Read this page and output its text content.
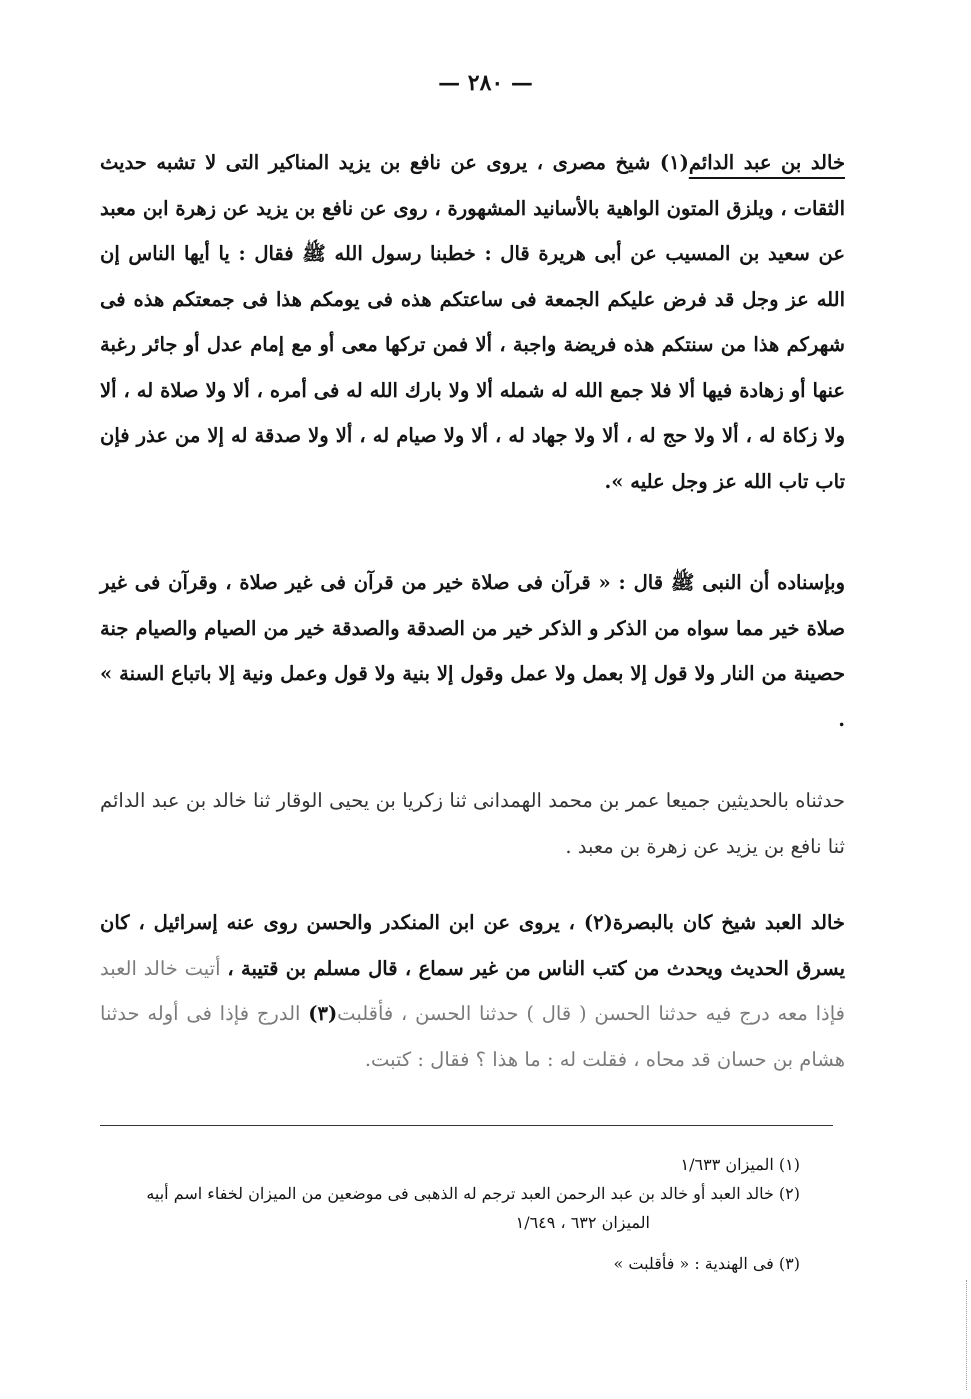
— ٢٨٠ —
خالد بن عبد الدائم(١) شيخ مصرى ، يروى عن نافع بن يزيد المناكير التى لا تشبه حديث الثقات ، ويلزق المتون الواهية بالأسانيد المشهورة ، روى عن نافع بن يزيد عن زهرة ابن معبد عن سعيد بن المسيب عن أبى هريرة قال : خطبنا رسول الله ﷺ فقال : يا أيها الناس إن الله عز وجل قد فرض عليكم الجمعة فى ساعتكم هذه فى يومكم هذا فى جمعتكم هذه فى شهركم هذا من سنتكم هذه فريضة واجبة ، ألا فمن تركها معى أو مع إمام عدل أو جائر رغبة عنها أو زهادة فيها ألا فلا جمع الله له شمله ألا ولا بارك الله له فى أمره ، ألا ولا صلاة له ، ألا ولا زكاة له ، ألا ولا حج له ، ألا ولا جهاد له ، ألا ولا صيام له ، ألا ولا صدقة له إلا من عذر فإن تاب تاب الله عز وجل عليه ».
وبإسناده أن النبى ﷺ قال : « قرآن فى صلاة خير من قرآن فى غير صلاة ، وقرآن فى غير صلاة خير مما سواه من الذكر و الذكر خير من الصدقة والصدقة خير من الصيام والصيام جنة حصينة من النار ولا قول إلا بعمل ولا عمل وقول إلا بنية ولا قول وعمل ونية إلا باتباع السنة » .
حدثناه بالحديثين جميعا عمر بن محمد الهمدانى ثنا زكريا بن يحيى الوقار ثنا خالد بن عبد الدائم ثنا نافع بن يزيد عن زهرة بن معبد .
خالد العبد شيخ كان بالبصرة(٢) ، يروى عن ابن المنكدر والحسن روى عنه إسرائيل ، كان يسرق الحديث ويحدث من كتب الناس من غير سماع ، قال مسلم بن قتيبة ، أتيت خالد العبد فإذا معه درج فيه حدثنا الحسن ( قال ) حدثنا الحسن ، فأقلبت(٣) الدرج فإذا فى أوله حدثنا هشام بن حسان قد محاه ، فقلت له : ما هذا ؟ فقال : كتبت.
(١) الميزان ١/٦٣٣
(٢) خالد العبد أو خالد بن عبد الرحمن العبد ترجم له الذهبى فى موضعين من الميزان لخفاء اسم أبيه
الميزان ٦٣٢ ، ١/٦٤٩
(٣) فى الهندية : « فأقلبت »
